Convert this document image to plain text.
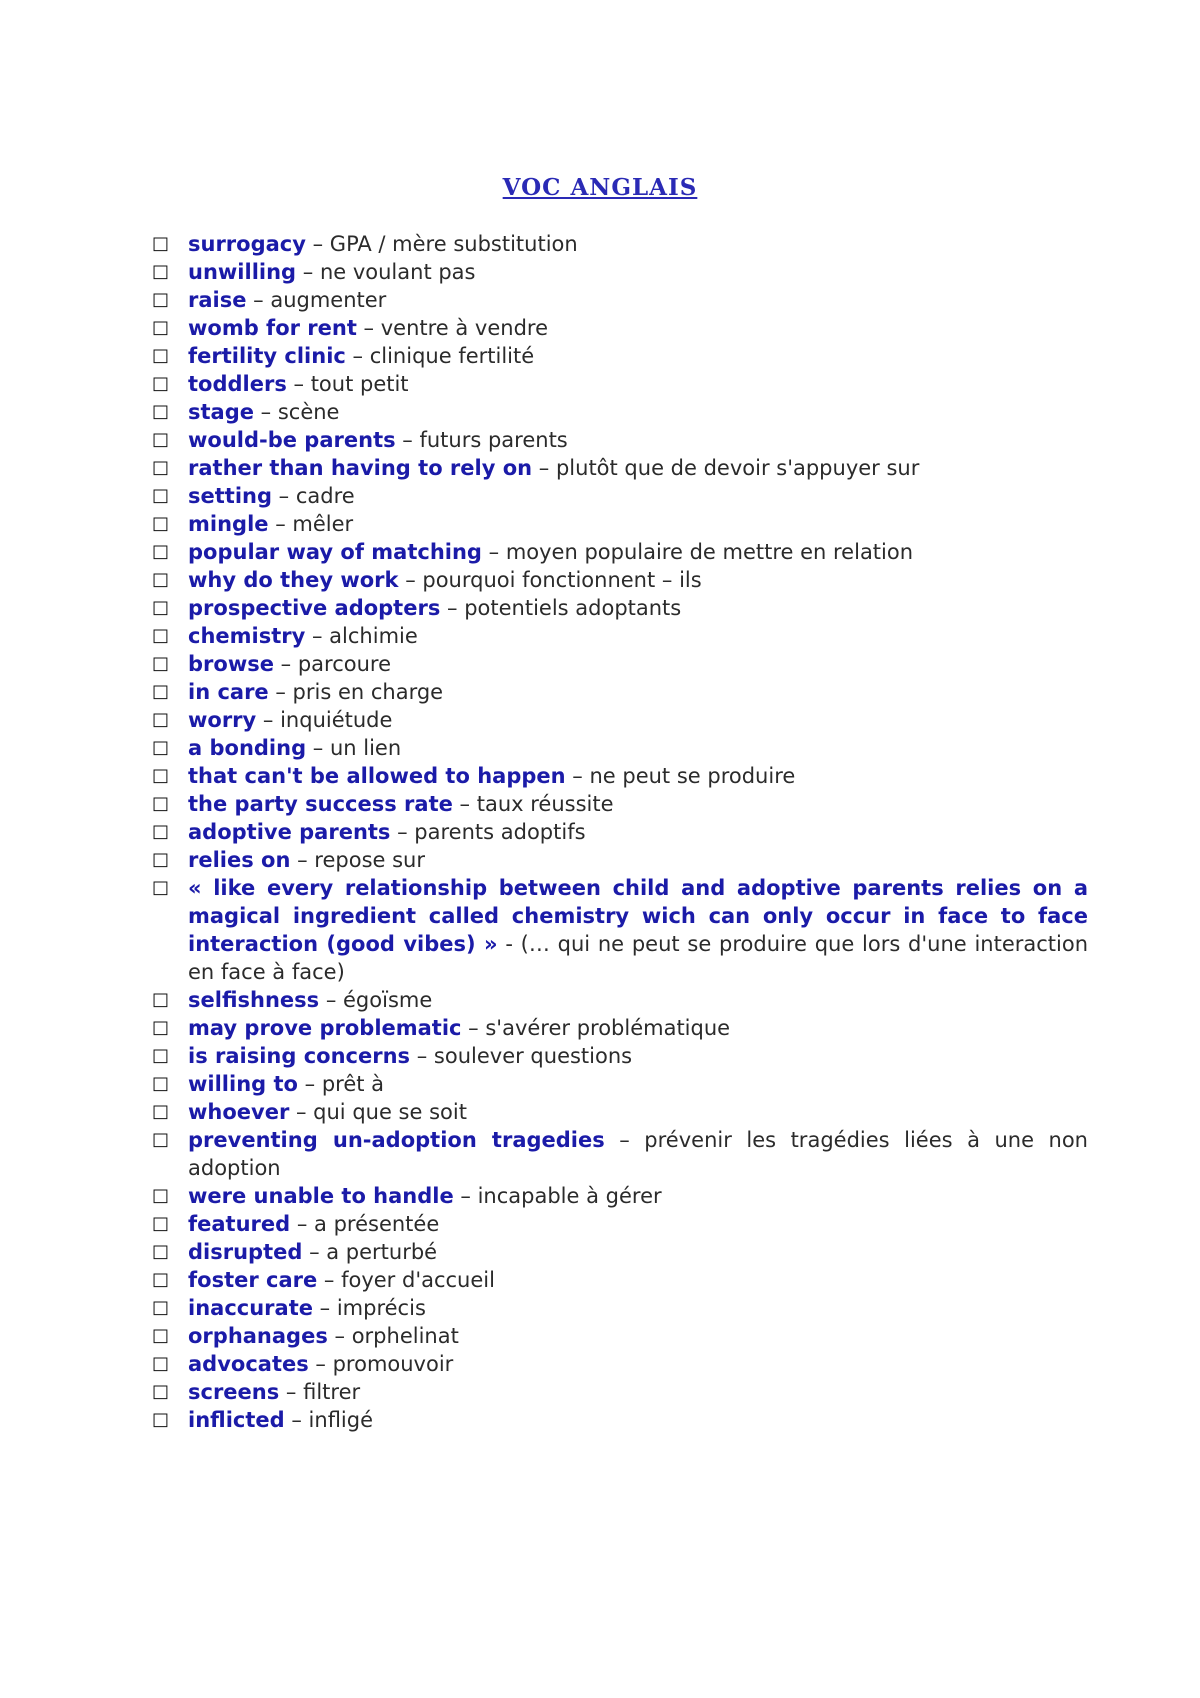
VOC ANGLAIS
□ surrogacy – GPA / mère substitution
□ unwilling – ne voulant pas
□ raise – augmenter
□ womb for rent – ventre à vendre
□ fertility clinic – clinique fertilité
□ toddlers – tout petit
□ stage – scène
□ would-be parents – futurs parents
□ rather than having to rely on – plutôt que de devoir s'appuyer sur
□ setting – cadre
□ mingle – mêler
□ popular way of matching – moyen populaire de mettre en relation
□ why do they work – pourquoi fonctionnent – ils
□ prospective adopters – potentiels adoptants
□ chemistry – alchimie
□ browse – parcoure
□ in care – pris en charge
□ worry – inquiétude
□ a bonding – un lien
□ that can't be allowed to happen – ne peut se produire
□ the party success rate – taux réussite
□ adoptive parents – parents adoptifs
□ relies on – repose sur
□ « like every relationship between child and adoptive parents relies on a magical ingredient called chemistry wich can only occur in face to face interaction (good vibes) » - (… qui ne peut se produire que lors d'une interaction en face à face)
□ selfishness – égoïsme
□ may prove problematic – s'avérer problématique
□ is raising concerns – soulever questions
□ willing to – prêt à
□ whoever – qui que se soit
□ preventing un-adoption tragedies – prévenir les tragédies liées à une non adoption
□ were unable to handle – incapable à gérer
□ featured – a présentée
□ disrupted – a perturbé
□ foster care – foyer d'accueil
□ inaccurate – imprécis
□ orphanages – orphelinat
□ advocates – promouvoir
□ screens – filtrer
□ inflicted – infligé
